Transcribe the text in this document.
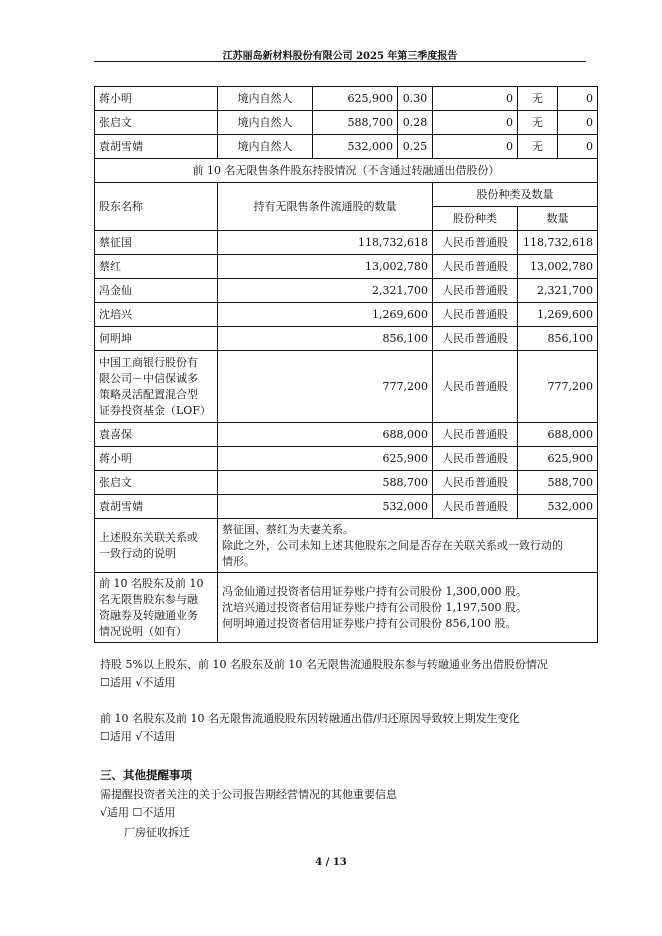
江苏丽岛新材料股份有限公司 2025 年第三季度报告
蒋小明	境内自然人	625,900	0.30	0	无	0
张启文	境内自然人	588,700	0.28	0	无	0
袁胡雪婧	境内自然人	532,000	0.25	0	无	0
前 10 名无限售条件股东持股情况（不含通过转融通出借股份）						
股东名称	持有无限售条件流通股的数量			股份种类及数量		
				股份种类	数量	
蔡征国	118,732,618			人民币普通股	118,732,618	
蔡红	13,002,780			人民币普通股	13,002,780	
冯金仙	2,321,700			人民币普通股	2,321,700	
沈培兴	1,269,600			人民币普通股	1,269,600	
何明坤	856,100			人民币普通股	856,100	

中国工商银行股份有
限公司－中信保诚多
策略灵活配置混合型
证券投资基金（LOF）	777,200			人民币普通股	777,200	
袁喜保	688,000			人民币普通股	688,000	
蒋小明	625,900			人民币普通股	625,900	
张启文	588,700			人民币普通股	588,700	
袁胡雪婧	532,000			人民币普通股	532,000	

上述股东关联关系或
一致行动的说明	蔡征国、蔡红为夫妻关系。
除此之外，公司未知上述其他股东之间是否存在关联关系或一致行动的
情形。					

前 10 名股东及前 10
名无限售股东参与融
资融券及转融通业务
情况说明（如有）	冯金仙通过投资者信用证券账户持有公司股份 1,300,000 股。
沈培兴通过投资者信用证券账户持有公司股份 1,197,500 股。
何明坤通过投资者信用证券账户持有公司股份 856,100 股。					
持股 5%以上股东、前 10 名股东及前 10 名无限售流通股股东参与转融通业务出借股份情况
☐适用 √不适用
前 10 名股东及前 10 名无限售流通股股东因转融通出借/归还原因导致较上期发生变化
☐适用 √不适用
三、其他提醒事项
需提醒投资者关注的关于公司报告期经营情况的其他重要信息
√适用 ☐不适用
厂房征收拆迁
4 / 13
